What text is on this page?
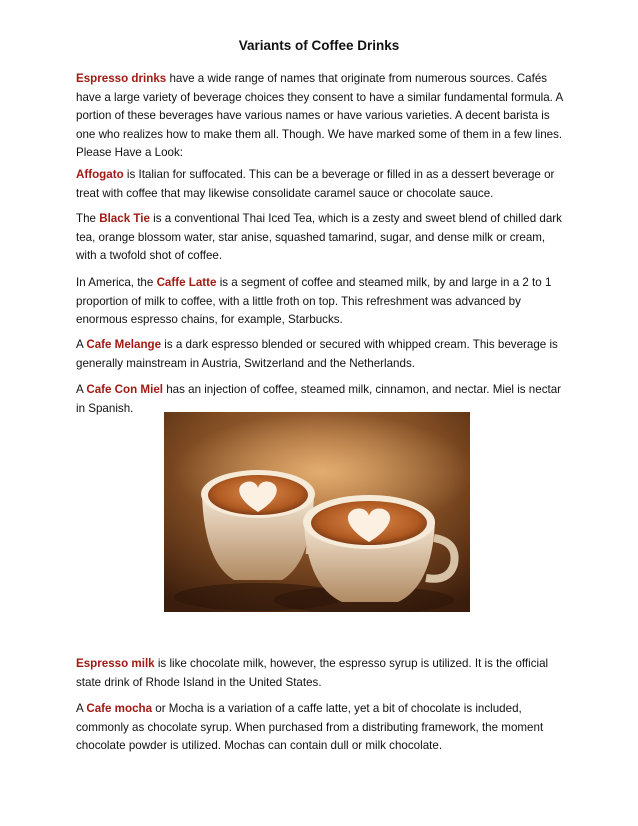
Variants of Coffee Drinks

Espresso drinks have a wide range of names that originate from numerous sources. Cafés have a large variety of beverage choices they consent to have a similar fundamental formula. A portion of these beverages have various names or have various varieties. A decent barista is one who realizes how to make them all. Though. We have marked some of them in a few lines. Please Have a Look:

Affogato is Italian for suffocated. This can be a beverage or filled in as a dessert beverage or treat with coffee that may likewise consolidate caramel sauce or chocolate sauce.

The Black Tie is a conventional Thai Iced Tea, which is a zesty and sweet blend of chilled dark tea, orange blossom water, star anise, squashed tamarind, sugar, and dense milk or cream, with a twofold shot of coffee.

In America, the Caffe Latte is a segment of coffee and steamed milk, by and large in a 2 to 1 proportion of milk to coffee, with a little froth on top. This refreshment was advanced by enormous espresso chains, for example, Starbucks.

A Cafe Melange is a dark espresso blended or secured with whipped cream. This beverage is generally mainstream in Austria, Switzerland and the Netherlands.

A Cafe Con Miel has an injection of coffee, steamed milk, cinnamon, and nectar. Miel is nectar in Spanish.

Espresso milk is like chocolate milk, however, the espresso syrup is utilized. It is the official state drink of Rhode Island in the United States.

A Cafe mocha or Mocha is a variation of a caffe latte, yet a bit of chocolate is included, commonly as chocolate syrup. When purchased from a distributing framework, the moment chocolate powder is utilized. Mochas can contain dull or milk chocolate.
